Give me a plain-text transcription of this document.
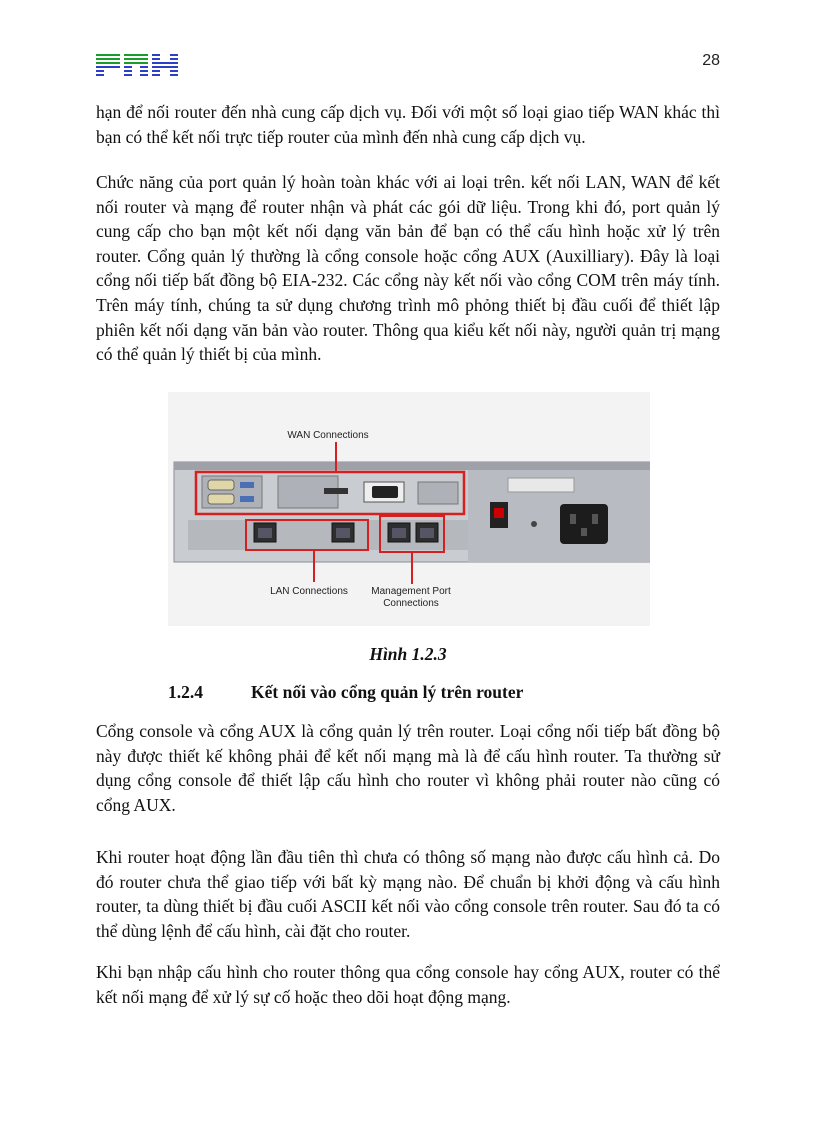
28

hạn để nối router đến nhà cung cấp dịch vụ. Đối với một số loại giao tiếp WAN khác thì bạn có thể kết nối trực tiếp router của mình đến nhà cung cấp dịch vụ.

Chức năng của port quản lý hoàn toàn khác với ai loại trên. kết nối LAN, WAN để kết nối router và mạng để router nhận và phát các gói dữ liệu. Trong khi đó, port quản lý cung cấp cho bạn một kết nối dạng văn bản để bạn có thể cấu hình hoặc xử lý trên router. Cổng quản lý thường là cổng console hoặc cổng AUX (Auxilliary). Đây là loại cổng nối tiếp bất đồng bộ EIA-232. Các cổng này kết nối vào cổng COM trên máy tính. Trên máy tính, chúng ta sử dụng chương trình mô phỏng thiết bị đầu cuối để thiết lập phiên kết nối dạng văn bản vào router. Thông qua kiểu kết nối này, người quản trị mạng có thể quản lý thiết bị của mình.

WAN Connections
LAN Connections Management Port
Connections
Hình 1.2.3
1.2.4	Kết nối vào cổng quản lý trên router

Cổng console và cổng AUX là cổng quản lý trên router. Loại cổng nối tiếp bất đồng bộ này được thiết kế không phải để kết nối mạng mà là để cấu hình router. Ta thường sử dụng cổng console để thiết lập cấu hình cho router vì không phải router nào cũng có cổng AUX.

Khi router hoạt động lần đầu tiên thì chưa có thông số mạng nào được cấu hình cả. Do đó router chưa thể giao tiếp với bất kỳ mạng nào. Để chuẩn bị khởi động và cấu hình router, ta dùng thiết bị đầu cuối ASCII kết nối vào cổng console trên router. Sau đó ta có thể dùng lệnh để cấu hình, cài đặt cho router.

Khi bạn nhập cấu hình cho router thông qua cổng console hay cổng AUX, router có thể kết nối mạng để xử lý sự cố hoặc theo dõi hoạt động mạng.
